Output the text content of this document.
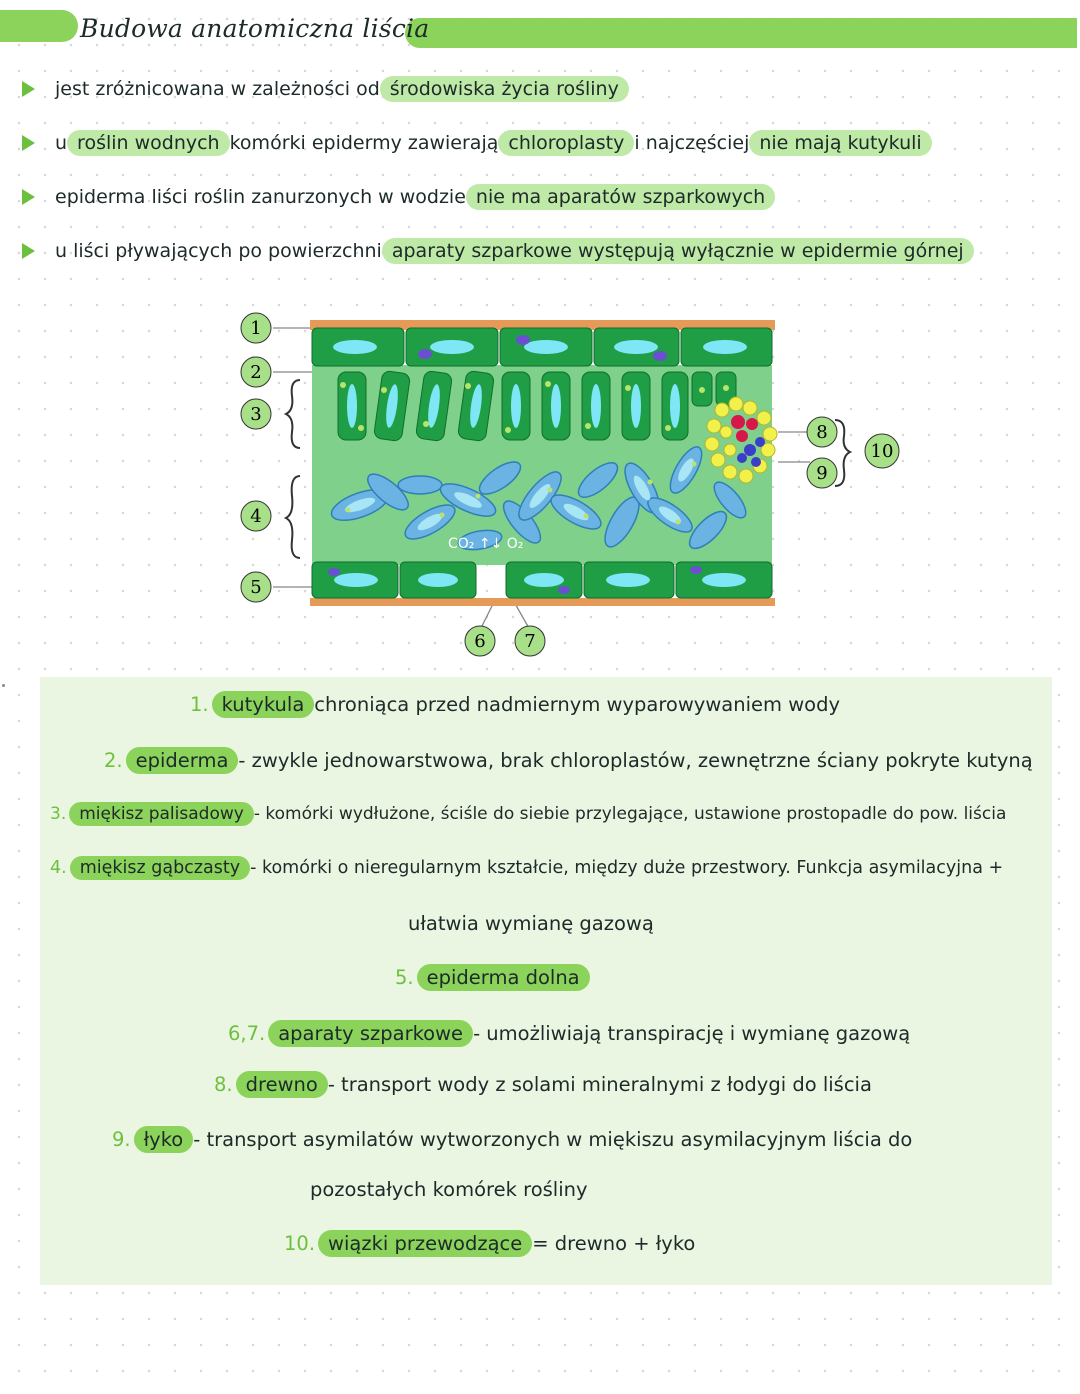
Budowa anatomiczna liścia
jest zróżnicowana w zależności od środowiska życia rośliny
u roślin wodnych komórki epidermy zawierają chloroplasty i najczęściej nie mają kutykuli
epiderma liści roślin zanurzonych w wodzie nie ma aparatów szparkowych
u liści pływających po powierzchni aparaty szparkowe występują wyłącznie w epidermie górnej
CO₂ ↑↓ O₂
1
2
3
4
5
6 7
8
9
10
1. kutykula chroniąca przed nadmiernym wyparowywaniem wody
2. epiderma - zwykle jednowarstwowa, brak chloroplastów, zewnętrzne ściany pokryte kutyną
3. miękisz palisadowy - komórki wydłużone, ściśle do siebie przylegające, ustawione prostopadle do pow. liścia
4. miękisz gąbczasty - komórki o nieregularnym kształcie, między duże przestwory. Funkcja asymilacyjna +
ułatwia wymianę gazową
5. epiderma dolna
6,7. aparaty szparkowe - umożliwiają transpirację i wymianę gazową
8. drewno - transport wody z solami mineralnymi z łodygi do liścia
9. łyko - transport asymilatów wytworzonych w miękiszu asymilacyjnym liścia do
pozostałych komórek rośliny
10. wiązki przewodzące = drewno + łyko
